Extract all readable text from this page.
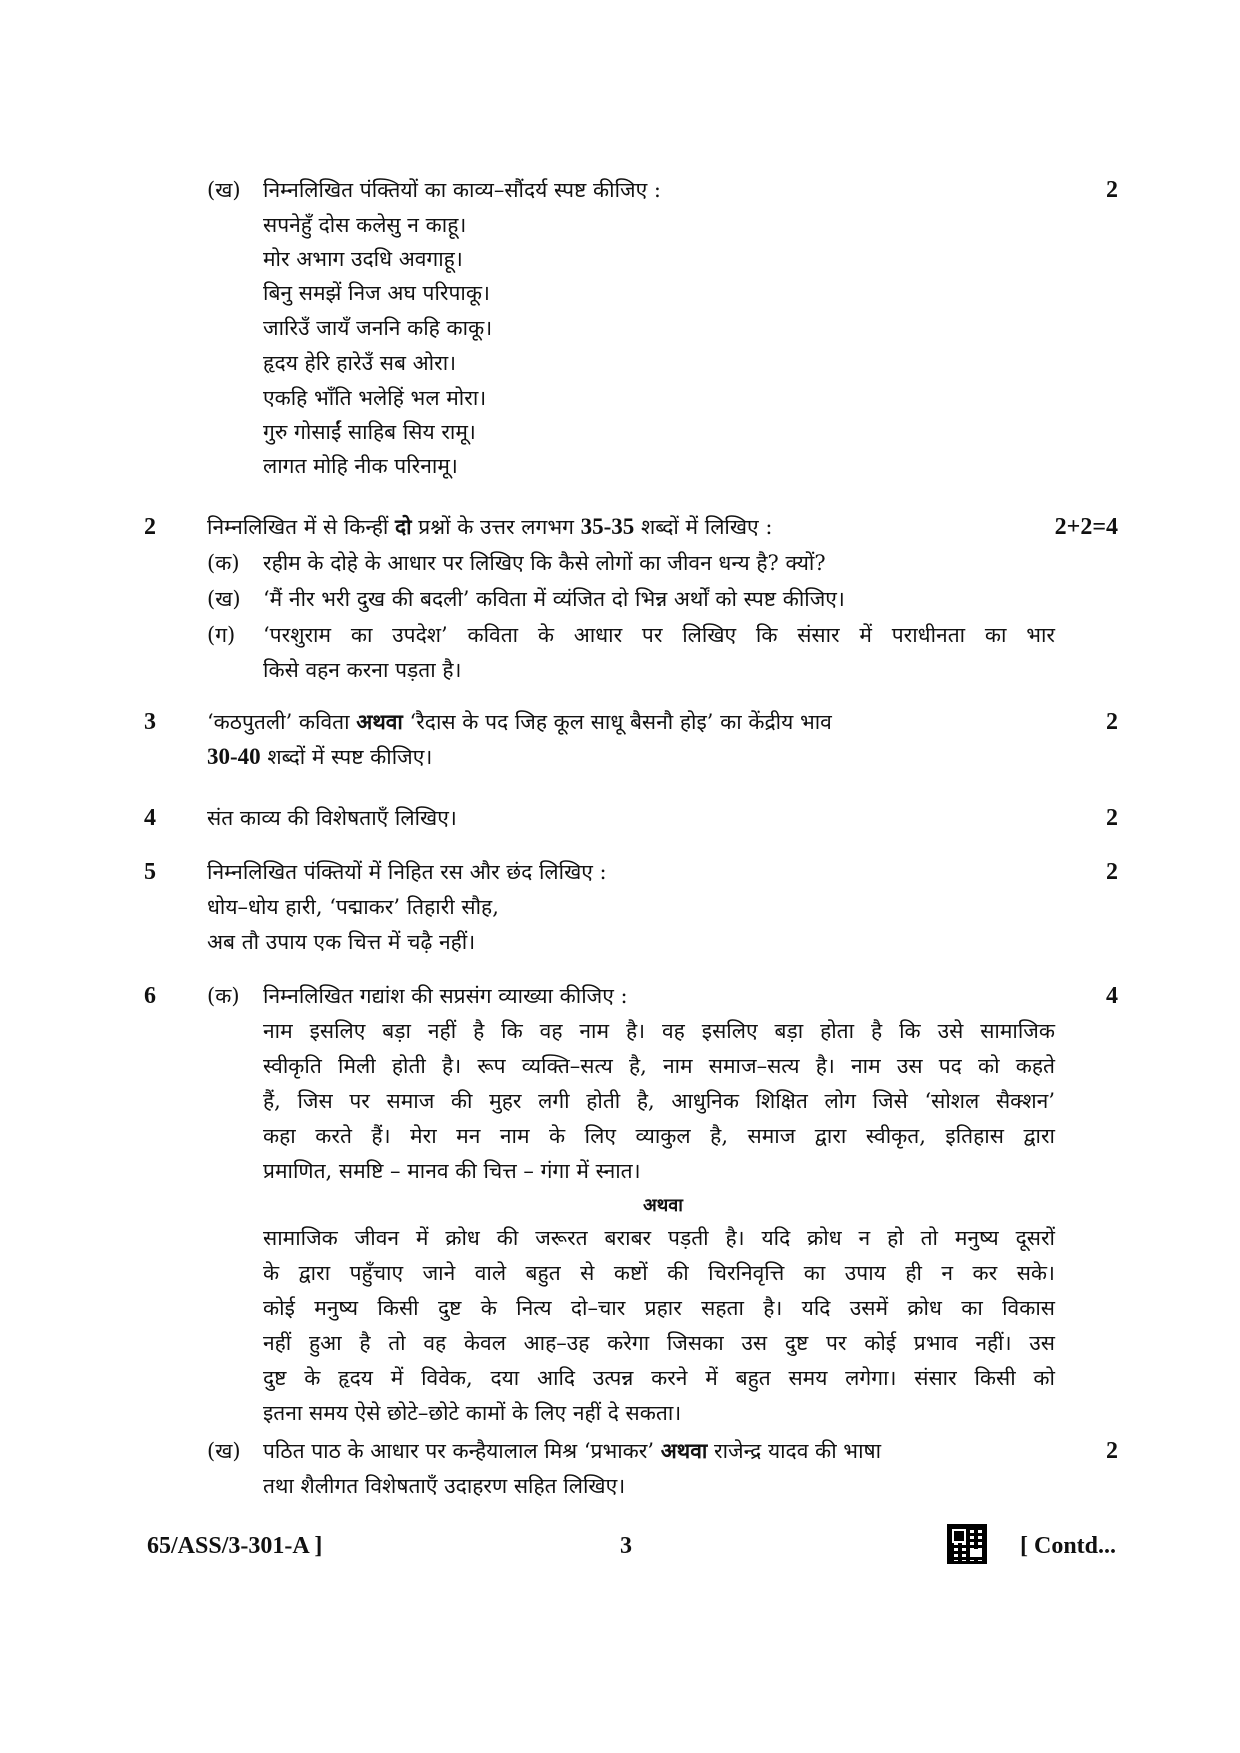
(ख) निम्नलिखित पंक्तियों का काव्य–सौंदर्य स्पष्ट कीजिए :	2
सपनेहुँ दोस कलेसु न काहू।
मोर अभाग उदधि अवगाहू।
बिनु समझें निज अघ परिपाकू।
जारिउँ जायँ जननि कहि काकू।
हृदय हेरि हारेउँ सब ओरा।
एकहि भाँति भलेहिं भल मोरा।
गुरु गोसाईं साहिब सिय रामू।
लागत मोहि नीक परिनामू।
2 निम्नलिखित में से किन्हीं दो प्रश्नों के उत्तर लगभग 35-35 शब्दों में लिखिए :	2+2=4
(क) रहीम के दोहे के आधार पर लिखिए कि कैसे लोगों का जीवन धन्य है? क्यों?
(ख) ‘मैं नीर भरी दुख की बदली’ कविता में व्यंजित दो भिन्न अर्थों को स्पष्ट कीजिए।
(ग) ‘परशुराम का उपदेश’ कविता के आधार पर लिखिए कि संसार में पराधीनता का भार
किसे वहन करना पड़ता है।
3 ‘कठपुतली’ कविता अथवा ‘रैदास के पद जिह कूल साधू बैसनौ होइ’ का केंद्रीय भाव	2
30-40 शब्दों में स्पष्ट कीजिए।
4 संत काव्य की विशेषताएँ लिखिए।	2
5 निम्नलिखित पंक्तियों में निहित रस और छंद लिखिए :	2
धोय–धोय हारी, ‘पद्माकर’ तिहारी सौह,
अब तौ उपाय एक चित्त में चढ़ै नहीं।
6 (क) निम्नलिखित गद्यांश की सप्रसंग व्याख्या कीजिए :	4
नाम इसलिए बड़ा नहीं है कि वह नाम है। वह इसलिए बड़ा होता है कि उसे सामाजिक
स्वीकृति मिली होती है। रूप व्यक्ति–सत्य है, नाम समाज–सत्य है। नाम उस पद को कहते
हैं, जिस पर समाज की मुहर लगी होती है, आधुनिक शिक्षित लोग जिसे ‘सोशल सैक्शन’
कहा करते हैं। मेरा मन नाम के लिए व्याकुल है, समाज द्वारा स्वीकृत, इतिहास द्वारा
प्रमाणित, समष्टि – मानव की चित्त – गंगा में स्नात।
अथवा
सामाजिक जीवन में क्रोध की जरूरत बराबर पड़ती है। यदि क्रोध न हो तो मनुष्य दूसरों
के द्वारा पहुँचाए जाने वाले बहुत से कष्टों की चिरनिवृत्ति का उपाय ही न कर सके।
कोई मनुष्य किसी दुष्ट के नित्य दो–चार प्रहार सहता है। यदि उसमें क्रोध का विकास
नहीं हुआ है तो वह केवल आह–उह करेगा जिसका उस दुष्ट पर कोई प्रभाव नहीं। उस
दुष्ट के हृदय में विवेक, दया आदि उत्पन्न करने में बहुत समय लगेगा। संसार किसी को
इतना समय ऐसे छोटे–छोटे कामों के लिए नहीं दे सकता।
(ख) पठित पाठ के आधार पर कन्हैयालाल मिश्र ‘प्रभाकर’ अथवा राजेन्द्र यादव की भाषा	2
तथा शैलीगत विशेषताएँ उदाहरण सहित लिखिए।
65/ASS/3-301-A ]	3	[ Contd...
